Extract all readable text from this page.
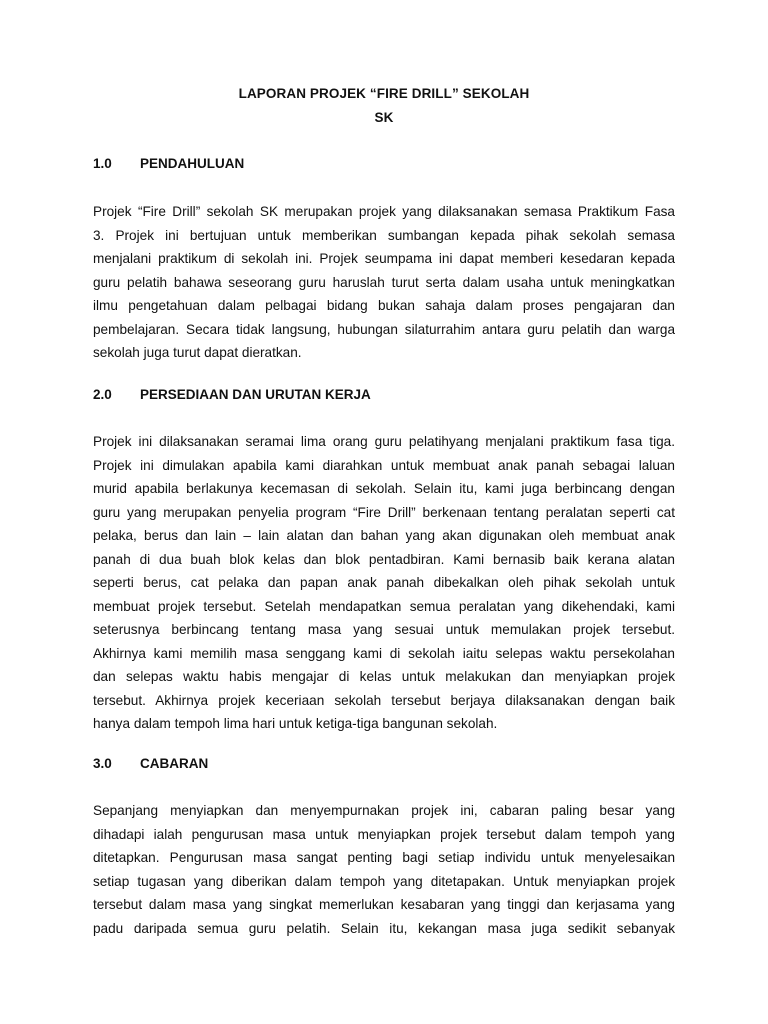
LAPORAN PROJEK “FIRE DRILL” SEKOLAH
SK
1.0 PENDAHULUAN
Projek “Fire Drill” sekolah SK merupakan projek yang dilaksanakan semasa Praktikum Fasa
3. Projek ini bertujuan untuk memberikan sumbangan kepada pihak sekolah semasa
menjalani praktikum di sekolah ini. Projek seumpama ini dapat memberi kesedaran kepada
guru pelatih bahawa seseorang guru haruslah turut serta dalam usaha untuk meningkatkan
ilmu pengetahuan dalam pelbagai bidang bukan sahaja dalam proses pengajaran dan
pembelajaran. Secara tidak langsung, hubungan silaturrahim antara guru pelatih dan warga
sekolah juga turut dapat dieratkan.
2.0 PERSEDIAAN DAN URUTAN KERJA
Projek ini dilaksanakan seramai lima orang guru pelatihyang menjalani praktikum fasa tiga.
Projek ini dimulakan apabila kami diarahkan untuk membuat anak panah sebagai laluan
murid apabila berlakunya kecemasan di sekolah. Selain itu, kami juga berbincang dengan
guru yang merupakan penyelia program “Fire Drill” berkenaan tentang peralatan seperti cat
pelaka, berus dan lain – lain alatan dan bahan yang akan digunakan oleh membuat anak
panah di dua buah blok kelas dan blok pentadbiran. Kami bernasib baik kerana alatan
seperti berus, cat pelaka dan papan anak panah dibekalkan oleh pihak sekolah untuk
membuat projek tersebut. Setelah mendapatkan semua peralatan yang dikehendaki, kami
seterusnya berbincang tentang masa yang sesuai untuk memulakan projek tersebut.
Akhirnya kami memilih masa senggang kami di sekolah iaitu selepas waktu persekolahan
dan selepas waktu habis mengajar di kelas untuk melakukan dan menyiapkan projek
tersebut. Akhirnya projek keceriaan sekolah tersebut berjaya dilaksanakan dengan baik
hanya dalam tempoh lima hari untuk ketiga-tiga bangunan sekolah.
3.0 CABARAN
Sepanjang menyiapkan dan menyempurnakan projek ini, cabaran paling besar yang
dihadapi ialah pengurusan masa untuk menyiapkan projek tersebut dalam tempoh yang
ditetapkan. Pengurusan masa sangat penting bagi setiap individu untuk menyelesaikan
setiap tugasan yang diberikan dalam tempoh yang ditetapakan. Untuk menyiapkan projek
tersebut dalam masa yang singkat memerlukan kesabaran yang tinggi dan kerjasama yang
padu daripada semua guru pelatih. Selain itu, kekangan masa juga sedikit sebanyak
